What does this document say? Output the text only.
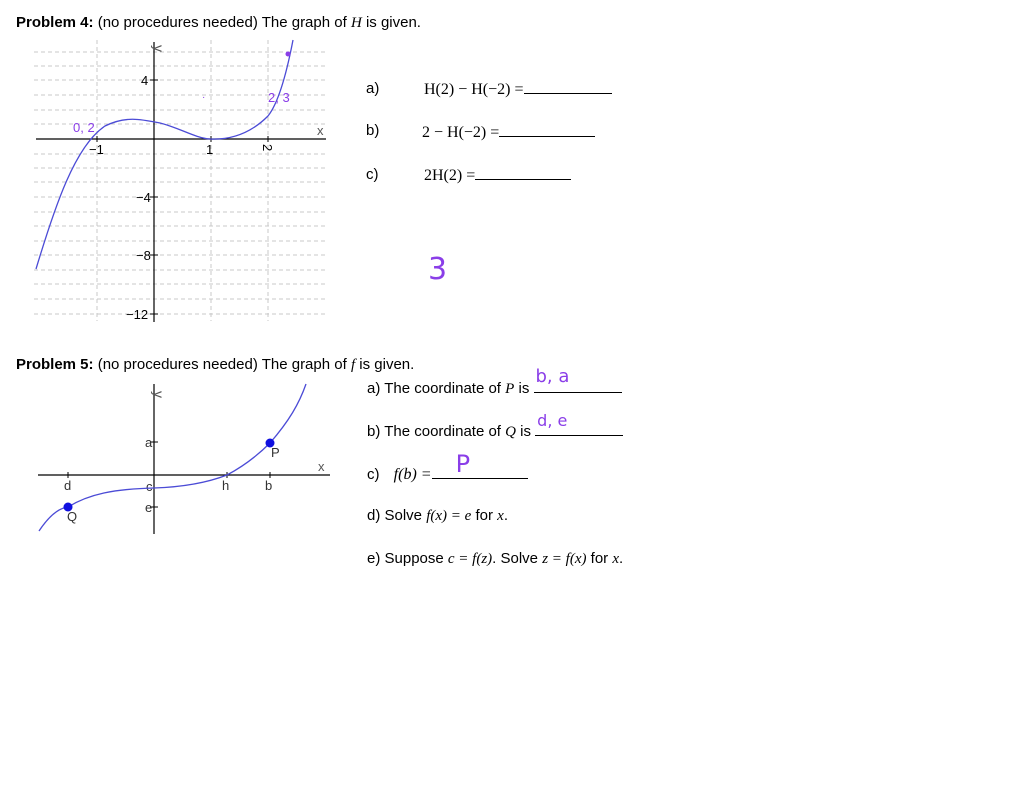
Problem 4: (no procedures needed) The graph of H is given.
y
x
−1	1	2
4
−4
−8
−12
0, 2
2, 3
·
a)	H(2) − H(−2) =
b)	2 − H(−2) =
c)	2H(2) =
3
Problem 5: (no procedures needed) The graph of f is given.
y
x
d	c	h	b
a
e
P
Q
a) The coordinate of P is
b, a
b) The coordinate of Q is
d, e
c) f(b) = P
d) Solve f(x) = e for x.
e) Suppose c = f(z). Solve z = f(x) for x.
